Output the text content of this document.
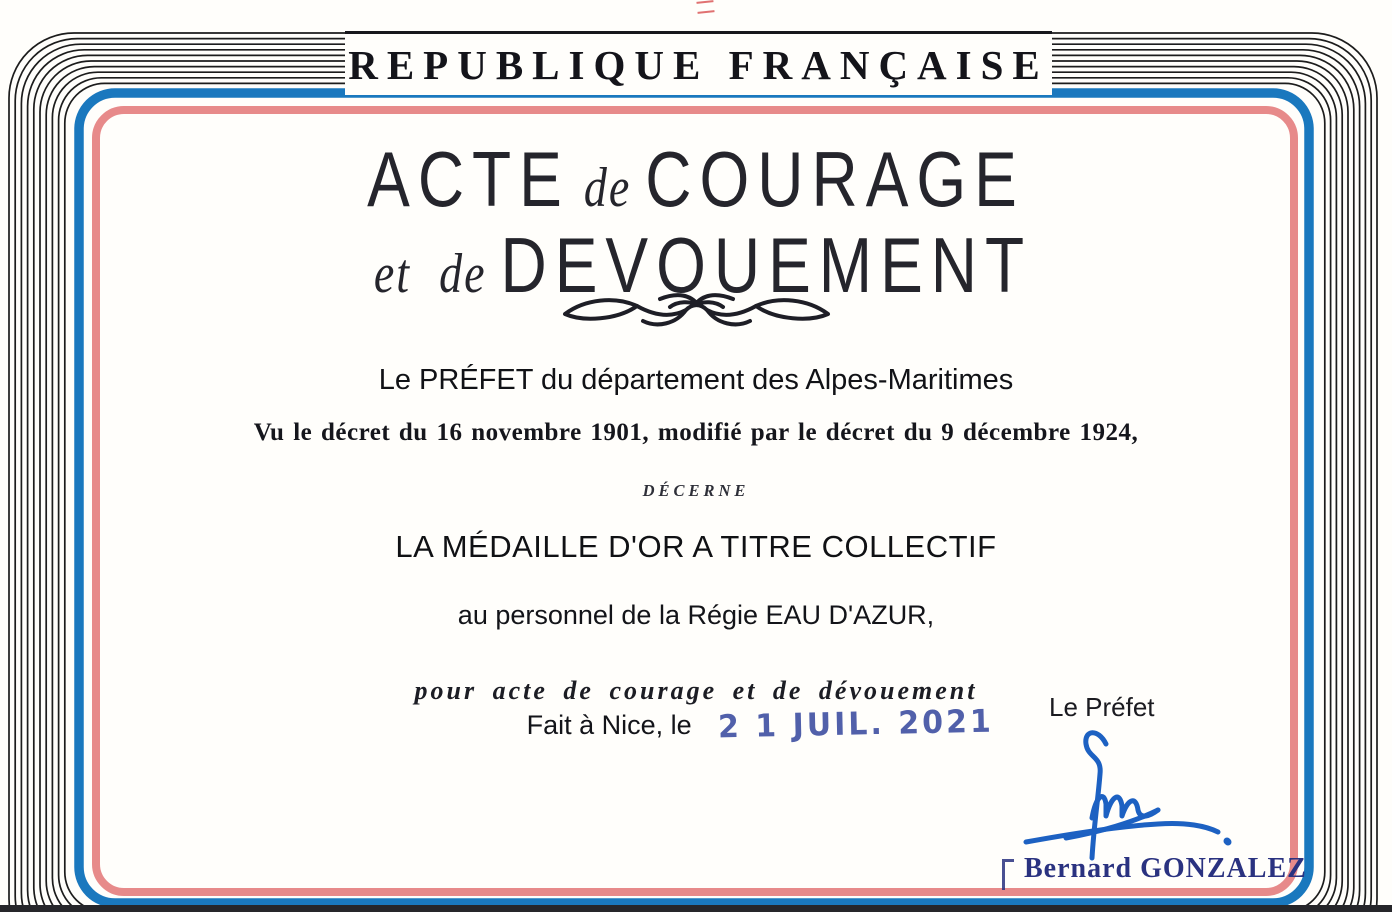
REPUBLIQUE FRANÇAISE
ACTE de COURAGE
et de DEVOUEMENT
Le PRÉFET du département des Alpes-Maritimes
Vu le décret du 16 novembre 1901, modifié par le décret du 9 décembre 1924,
DÉCERNE
LA MÉDAILLE D'OR A TITRE COLLECTIF
au personnel de la Régie EAU D'AZUR,
pour acte de courage et de dévouement
Fait à Nice, le 2 1 JUIL. 2021 Le Préfet
Bernard GONZALEZ
